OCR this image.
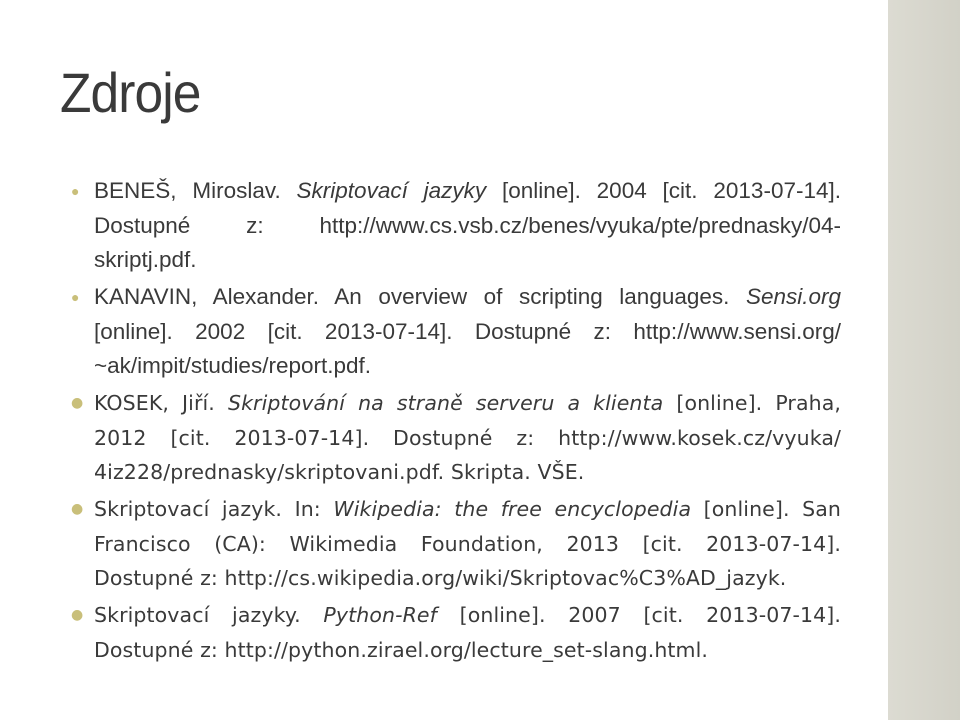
Zdroje
● BENEŠ, Miroslav. Skriptovací jazyky [online]. 2004 [cit. 2013-07-14]. Dostupné z: http://www.cs.vsb.cz/benes/vyuka/pte/prednasky/04-skriptj.pdf.
● KANAVIN, Alexander. An overview of scripting languages. Sensi.org [online]. 2002 [cit. 2013-07-14]. Dostupné z: http://www.sensi.org/ ~ak/impit/studies/report.pdf.
● KOSEK, Jiří. Skriptování na straně serveru a klienta [online]. Praha, 2012 [cit. 2013-07-14]. Dostupné z: http://www.kosek.cz/vyuka/ 4iz228/prednasky/skriptovani.pdf. Skripta. VŠE.
● Skriptovací jazyk. In: Wikipedia: the free encyclopedia [online]. San Francisco (CA): Wikimedia Foundation, 2013 [cit. 2013-07-14]. Dostupné z: http://cs.wikipedia.org/wiki/Skriptovac%C3%AD_jazyk.
● Skriptovací jazyky. Python-Ref [online]. 2007 [cit. 2013-07-14]. Dostupné z: http://python.zirael.org/lecture_set-slang.html.
